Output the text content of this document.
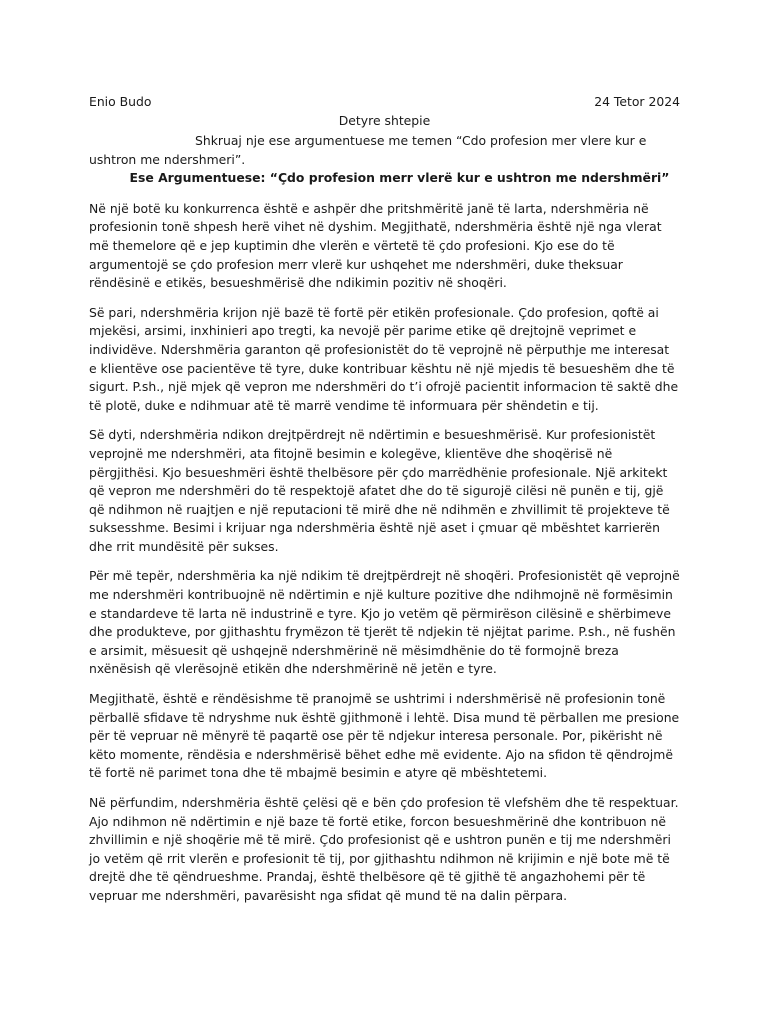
Enio Budo	24 Tetor 2024
Detyre shtepie

Shkruaj nje ese argumentuese me temen “Cdo profesion mer vlere kur e ushtron me ndershmeri”.

Ese Argumentuese: “Çdo profesion merr vlerë kur e ushtron me ndershmëri”

Në një botë ku konkurrenca është e ashpër dhe pritshmëritë janë të larta, ndershmëria në profesionin tonë shpesh herë vihet në dyshim. Megjithatë, ndershmëria është një nga vlerat më themelore që e jep kuptimin dhe vlerën e vërtetë të çdo profesioni. Kjo ese do të argumentojë se çdo profesion merr vlerë kur ushqehet me ndershmëri, duke theksuar rëndësinë e etikës, besueshmërisë dhe ndikimin pozitiv në shoqëri.

Së pari, ndershmëria krijon një bazë të fortë për etikën profesionale. Çdo profesion, qoftë ai mjekësi, arsimi, inxhinieri apo tregti, ka nevojë për parime etike që drejtojnë veprimet e individëve. Ndershmëria garanton që profesionistët do të veprojnë në përputhje me interesat e klientëve ose pacientëve të tyre, duke kontribuar kështu në një mjedis të besueshëm dhe të sigurt. P.sh., një mjek që vepron me ndershmëri do t’i ofrojë pacientit informacion të saktë dhe të plotë, duke e ndihmuar atë të marrë vendime të informuara për shëndetin e tij.

Së dyti, ndershmëria ndikon drejtpërdrejt në ndërtimin e besueshmërisë. Kur profesionistët veprojnë me ndershmëri, ata fitojnë besimin e kolegëve, klientëve dhe shoqërisë në përgjithësi. Kjo besueshmëri është thelbësore për çdo marrëdhënie profesionale. Një arkitekt që vepron me ndershmëri do të respektojë afatet dhe do të sigurojë cilësi në punën e tij, gjë që ndihmon në ruajtjen e një reputacioni të mirë dhe në ndihmën e zhvillimit të projekteve të suksesshme. Besimi i krijuar nga ndershmëria është një aset i çmuar që mbështet karrierën dhe rrit mundësitë për sukses.

Për më tepër, ndershmëria ka një ndikim të drejtpërdrejt në shoqëri. Profesionistët që veprojnë me ndershmëri kontribuojnë në ndërtimin e një kulture pozitive dhe ndihmojnë në formësimin e standardeve të larta në industrinë e tyre. Kjo jo vetëm që përmirëson cilësinë e shërbimeve dhe produkteve, por gjithashtu frymëzon të tjerët të ndjekin të njëjtat parime. P.sh., në fushën e arsimit, mësuesit që ushqejnë ndershmërinë në mësimdhënie do të formojnë breza nxënësish që vlerësojnë etikën dhe ndershmërinë në jetën e tyre.

Megjithatë, është e rëndësishme të pranojmë se ushtrimi i ndershmërisë në profesionin tonë përballë sfidave të ndryshme nuk është gjithmonë i lehtë. Disa mund të përballen me presione për të vepruar në mënyrë të paqartë ose për të ndjekur interesa personale. Por, pikërisht në këto momente, rëndësia e ndershmërisë bëhet edhe më evidente. Ajo na sfidon të qëndrojmë të fortë në parimet tona dhe të mbajmë besimin e atyre që mbështetemi.

Në përfundim, ndershmëria është çelësi që e bën çdo profesion të vlefshëm dhe të respektuar. Ajo ndihmon në ndërtimin e një baze të fortë etike, forcon besueshmërinë dhe kontribuon në zhvillimin e një shoqërie më të mirë. Çdo profesionist që e ushtron punën e tij me ndershmëri jo vetëm që rrit vlerën e profesionit të tij, por gjithashtu ndihmon në krijimin e një bote më të drejtë dhe të qëndrueshme. Prandaj, është thelbësore që të gjithë të angazhohemi për të vepruar me ndershmëri, pavarësisht nga sfidat që mund të na dalin përpara.
